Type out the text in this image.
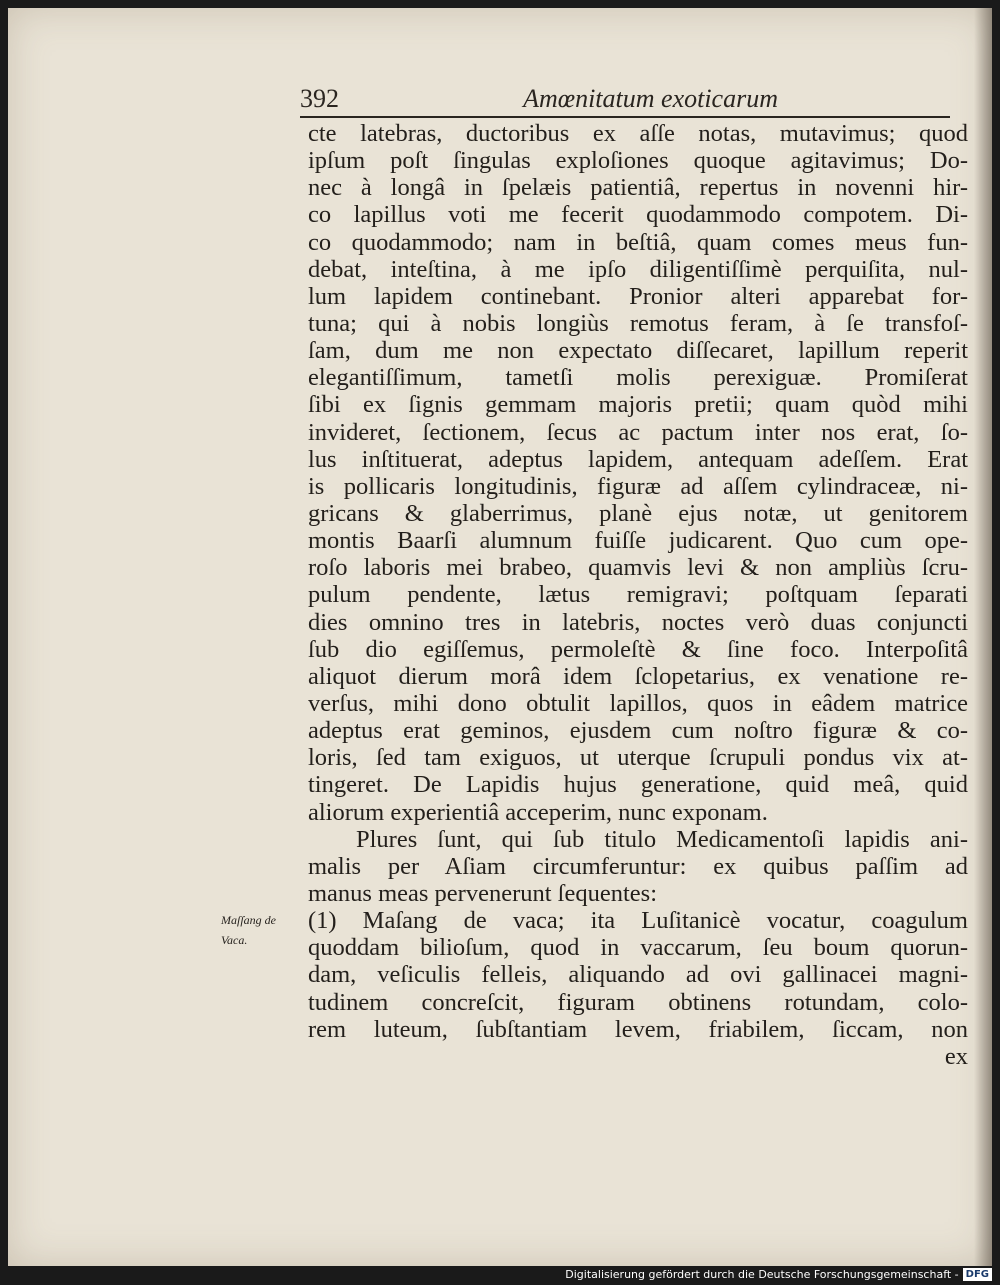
392	Amœnitatum exoticarum
Maſſang de
Vaca.
cte latebras, ductoribus ex aſſe notas, mutavimus; quod
ipſum poſt ſingulas exploſiones quoque agitavimus; Do-
nec à longâ in ſpelæis patientiâ, repertus in novenni hir-
co lapillus voti me fecerit quodammodo compotem. Di-
co quodammodo; nam in beſtiâ, quam comes meus fun-
debat, inteſtina, à me ipſo diligentiſſimè perquiſita, nul-
lum lapidem continebant. Pronior alteri apparebat for-
tuna; qui à nobis longiùs remotus feram, à ſe transfoſ-
ſam, dum me non expectato diſſecaret, lapillum reperit
elegantiſſimum, tametſi molis perexiguæ. Promiſerat
ſibi ex ſignis gemmam majoris pretii; quam quòd mihi
invideret, ſectionem, ſecus ac pactum inter nos erat, ſo-
lus inſtituerat, adeptus lapidem, antequam adeſſem. Erat
is pollicaris longitudinis, figuræ ad aſſem cylindraceæ, ni-
gricans & glaberrimus, planè ejus notæ, ut genitorem
montis Baarſi alumnum fuiſſe judicarent. Quo cum ope-
roſo laboris mei brabeo, quamvis levi & non ampliùs ſcru-
pulum pendente, lætus remigravi; poſtquam ſeparati
dies omnino tres in latebris, noctes verò duas conjuncti
ſub dio egiſſemus, permoleſtè & ſine foco. Interpoſitâ
aliquot dierum morâ idem ſclopetarius, ex venatione re-
verſus, mihi dono obtulit lapillos, quos in eâdem matrice
adeptus erat geminos, ejusdem cum noſtro figuræ & co-
loris, ſed tam exiguos, ut uterque ſcrupuli pondus vix at-
tingeret. De Lapidis hujus generatione, quid meâ, quid
aliorum experientiâ acceperim, nunc exponam.
Plures ſunt, qui ſub titulo Medicamentoſi lapidis ani-
malis per Aſiam circumferuntur: ex quibus paſſim ad
manus meas pervenerunt ſequentes:
(1) Maſang de vaca; ita Luſitanicè vocatur, coagulum
quoddam bilioſum, quod in vaccarum, ſeu boum quorun-
dam, veſiculis felleis, aliquando ad ovi gallinacei magni-
tudinem concreſcit, figuram obtinens rotundam, colo-
rem luteum, ſubſtantiam levem, friabilem, ſiccam, non
ex
Digitalisierung gefördert durch die Deutsche Forschungsgemeinschaft - DFG
